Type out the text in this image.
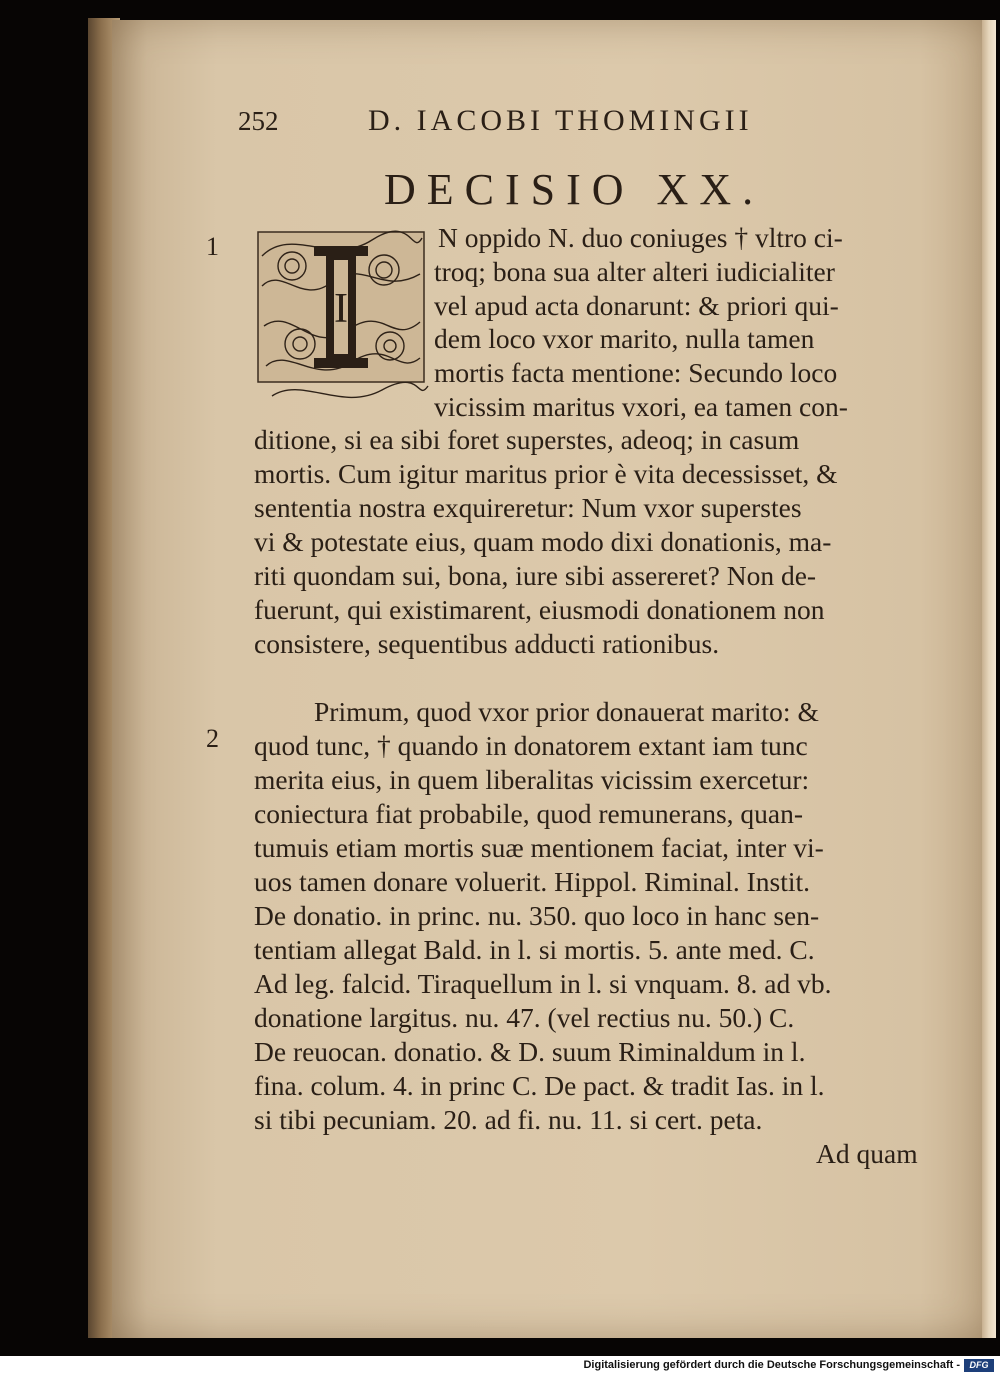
252	D. IACOBI THOMINGII
DECISIO XX.
1
2
I
N oppido N. duo coniuges † vltro ci-
troq; bona sua alter alteri iudicialiter
vel apud acta donarunt: & priori qui-
dem loco vxor marito, nulla tamen
mortis facta mentione: Secundo loco
vicissim maritus vxori, ea tamen con-
ditione, si ea sibi foret superstes, adeoq; in casum
mortis. Cum igitur maritus prior è vita decessisset, &
sententia nostra exquireretur: Num vxor superstes
vi & potestate eius, quam modo dixi donationis, ma-
riti quondam sui, bona, iure sibi assereret? Non de-
fuerunt, qui existimarent, eiusmodi donationem non
consistere, sequentibus adducti rationibus.
Primum, quod vxor prior donauerat marito: &
quod tunc, † quando in donatorem extant iam tunc
merita eius, in quem liberalitas vicissim exercetur:
coniectura fiat probabile, quod remunerans, quan-
tumuis etiam mortis suæ mentionem faciat, inter vi-
uos tamen donare voluerit. Hippol. Riminal. Instit.
De donatio. in princ. nu. 350. quo loco in hanc sen-
tentiam allegat Bald. in l. si mortis. 5. ante med. C.
Ad leg. falcid. Tiraquellum in l. si vnquam. 8. ad vb.
donatione largitus. nu. 47. (vel rectius nu. 50.) C.
De reuocan. donatio. & D. suum Riminaldum in l.
fina. colum. 4. in princ C. De pact. & tradit Ias. in l.
si tibi pecuniam. 20. ad fi. nu. 11. si cert. peta.
Ad quam
Digitalisierung gefördert durch die Deutsche Forschungsgemeinschaft -	DFG
